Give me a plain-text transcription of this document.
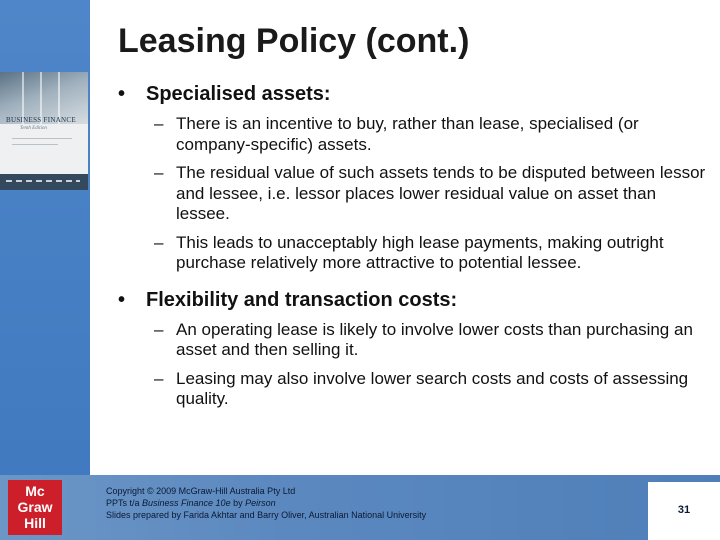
BUSINESS FINANCE
Tenth Edition
Leasing Policy (cont.)
• Specialised assets:
– There is an incentive to buy, rather than lease, specialised (or company-specific) assets.
– The residual value of such assets tends to be disputed between lessor and lessee, i.e. lessor places lower residual value on asset than lessee.
– This leads to unacceptably high lease payments, making outright purchase relatively more attractive to potential lessee.
• Flexibility and transaction costs:
– An operating lease is likely to involve lower costs than purchasing an asset and then selling it.
– Leasing may also involve lower search costs and costs of assessing quality.
Mc
Graw
Hill
Copyright © 2009 McGraw-Hill Australia Pty Ltd
PPTs t/a Business Finance 10e by Peirson
Slides prepared by Farida Akhtar and Barry Oliver, Australian National University	31
